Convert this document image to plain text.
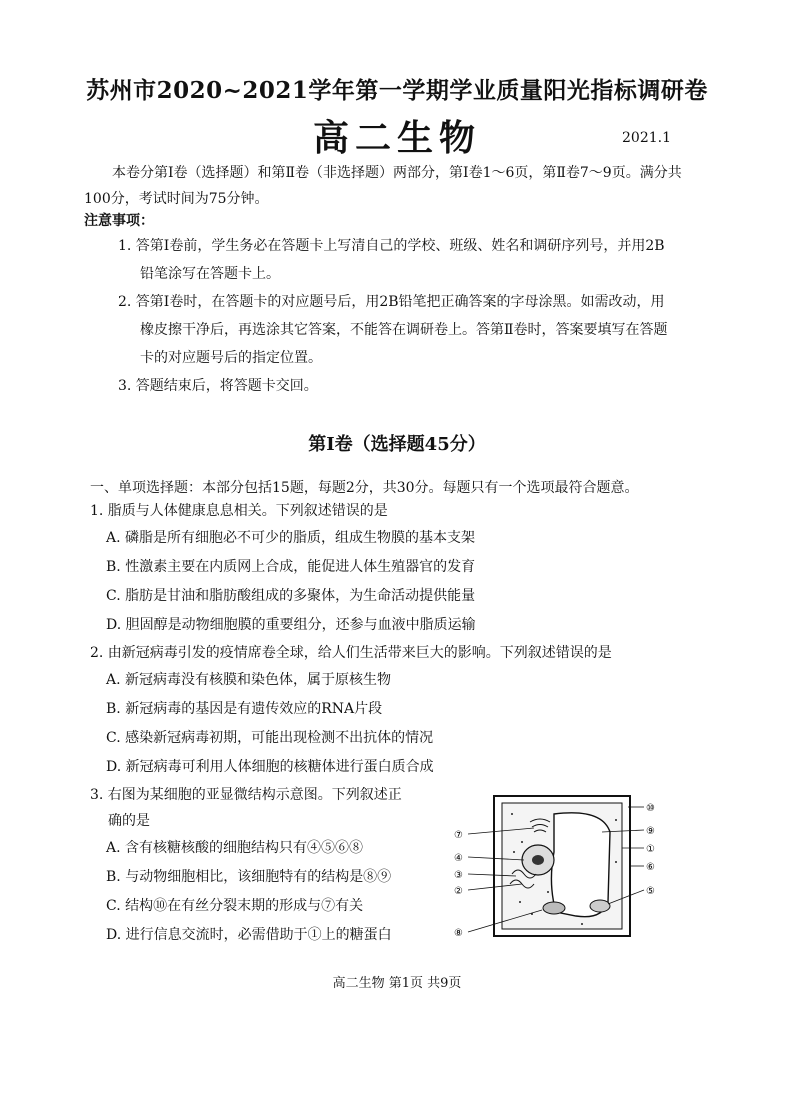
苏州市2020~2021学年第一学期学业质量阳光指标调研卷
高二生物	2021.1
本卷分第Ⅰ卷（选择题）和第Ⅱ卷（非选择题）两部分，第Ⅰ卷1～6页，第Ⅱ卷7～9页。满分共100分，考试时间为75分钟。
注意事项：

1. 答第Ⅰ卷前，学生务必在答题卡上写清自己的学校、班级、姓名和调研序列号，并用2B铅笔涂写在答题卡上。

2. 答第Ⅰ卷时，在答题卡的对应题号后，用2B铅笔把正确答案的字母涂黑。如需改动，用橡皮擦干净后，再选涂其它答案，不能答在调研卷上。答第Ⅱ卷时，答案要填写在答题卡的对应题号后的指定位置。

3. 答题结束后，将答题卡交回。

第Ⅰ卷（选择题45分）
一、单项选择题：本部分包括15题，每题2分，共30分。每题只有一个选项最符合题意。

1. 脂质与人体健康息息相关。下列叙述错误的是

A. 磷脂是所有细胞必不可少的脂质，组成生物膜的基本支架

B. 性激素主要在内质网上合成，能促进人体生殖器官的发育

C. 脂肪是甘油和脂肪酸组成的多聚体，为生命活动提供能量

D. 胆固醇是动物细胞膜的重要组分，还参与血液中脂质运输

2. 由新冠病毒引发的疫情席卷全球，给人们生活带来巨大的影响。下列叙述错误的是

A. 新冠病毒没有核膜和染色体，属于原核生物

B. 新冠病毒的基因是有遗传效应的RNA片段

C. 感染新冠病毒初期，可能出现检测不出抗体的情况

D. 新冠病毒可利用人体细胞的核糖体进行蛋白质合成

3. 右图为某细胞的亚显微结构示意图。下列叙述正

确的是

A. 含有核糖核酸的细胞结构只有④⑤⑥⑧

B. 与动物细胞相比，该细胞特有的结构是⑧⑨

C. 结构⑩在有丝分裂末期的形成与⑦有关

D. 进行信息交流时，必需借助于①上的糖蛋白

⑦
④
③
②
⑧
⑩
⑨
①
⑥
⑤
高二生物 第1页 共9页
